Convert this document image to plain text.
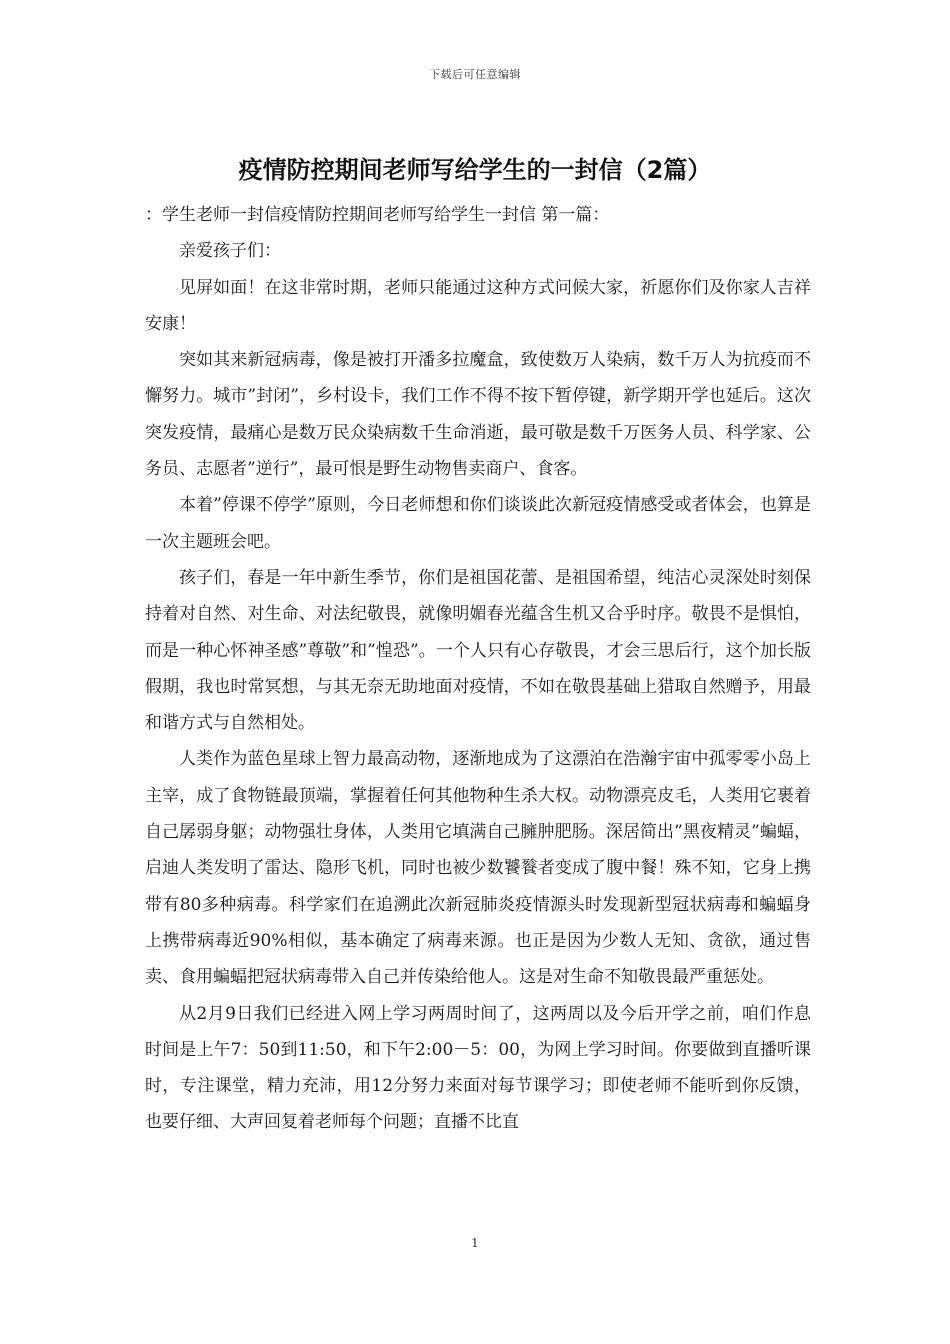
下载后可任意编辑
疫情防控期间老师写给学生的一封信（2篇）

：学生老师一封信疫情防控期间老师写给学生一封信 第一篇：

亲爱孩子们：

见屏如面！在这非常时期，老师只能通过这种方式问候大家，祈愿你们及你家人吉祥安康！

突如其来新冠病毒，像是被打开潘多拉魔盒，致使数万人染病，数千万人为抗疫而不懈努力。城市”封闭”，乡村设卡，我们工作不得不按下暂停键，新学期开学也延后。这次突发疫情，最痛心是数万民众染病数千生命消逝，最可敬是数千万医务人员、科学家、公务员、志愿者”逆行”，最可恨是野生动物售卖商户、食客。

本着”停课不停学”原则，今日老师想和你们谈谈此次新冠疫情感受或者体会，也算是一次主题班会吧。

孩子们，春是一年中新生季节，你们是祖国花蕾、是祖国希望，纯洁心灵深处时刻保持着对自然、对生命、对法纪敬畏，就像明媚春光蕴含生机又合乎时序。敬畏不是惧怕，而是一种心怀神圣感”尊敬”和”惶恐”。一个人只有心存敬畏，才会三思后行，这个加长版假期，我也时常冥想，与其无奈无助地面对疫情，不如在敬畏基础上猎取自然赠予，用最和谐方式与自然相处。

人类作为蓝色星球上智力最高动物，逐渐地成为了这漂泊在浩瀚宇宙中孤零零小岛上主宰，成了食物链最顶端，掌握着任何其他物种生杀大权。动物漂亮皮毛，人类用它裹着自己孱弱身躯；动物强壮身体，人类用它填满自己臃肿肥肠。深居简出”黑夜精灵”蝙蝠，启迪人类发明了雷达、隐形飞机，同时也被少数饕餮者变成了腹中餐！殊不知，它身上携带有80多种病毒。科学家们在追溯此次新冠肺炎疫情源头时发现新型冠状病毒和蝙蝠身上携带病毒近90%相似，基本确定了病毒来源。也正是因为少数人无知、贪欲，通过售卖、食用蝙蝠把冠状病毒带入自己并传染给他人。这是对生命不知敬畏最严重惩处。

从2月9日我们已经进入网上学习两周时间了，这两周以及今后开学之前，咱们作息时间是上午7：50到11:50，和下午2:00－5：00，为网上学习时间。你要做到直播听课时，专注课堂，精力充沛，用12分努力来面对每节课学习；即使老师不能听到你反馈，也要仔细、大声回复着老师每个问题；直播不比直

1
